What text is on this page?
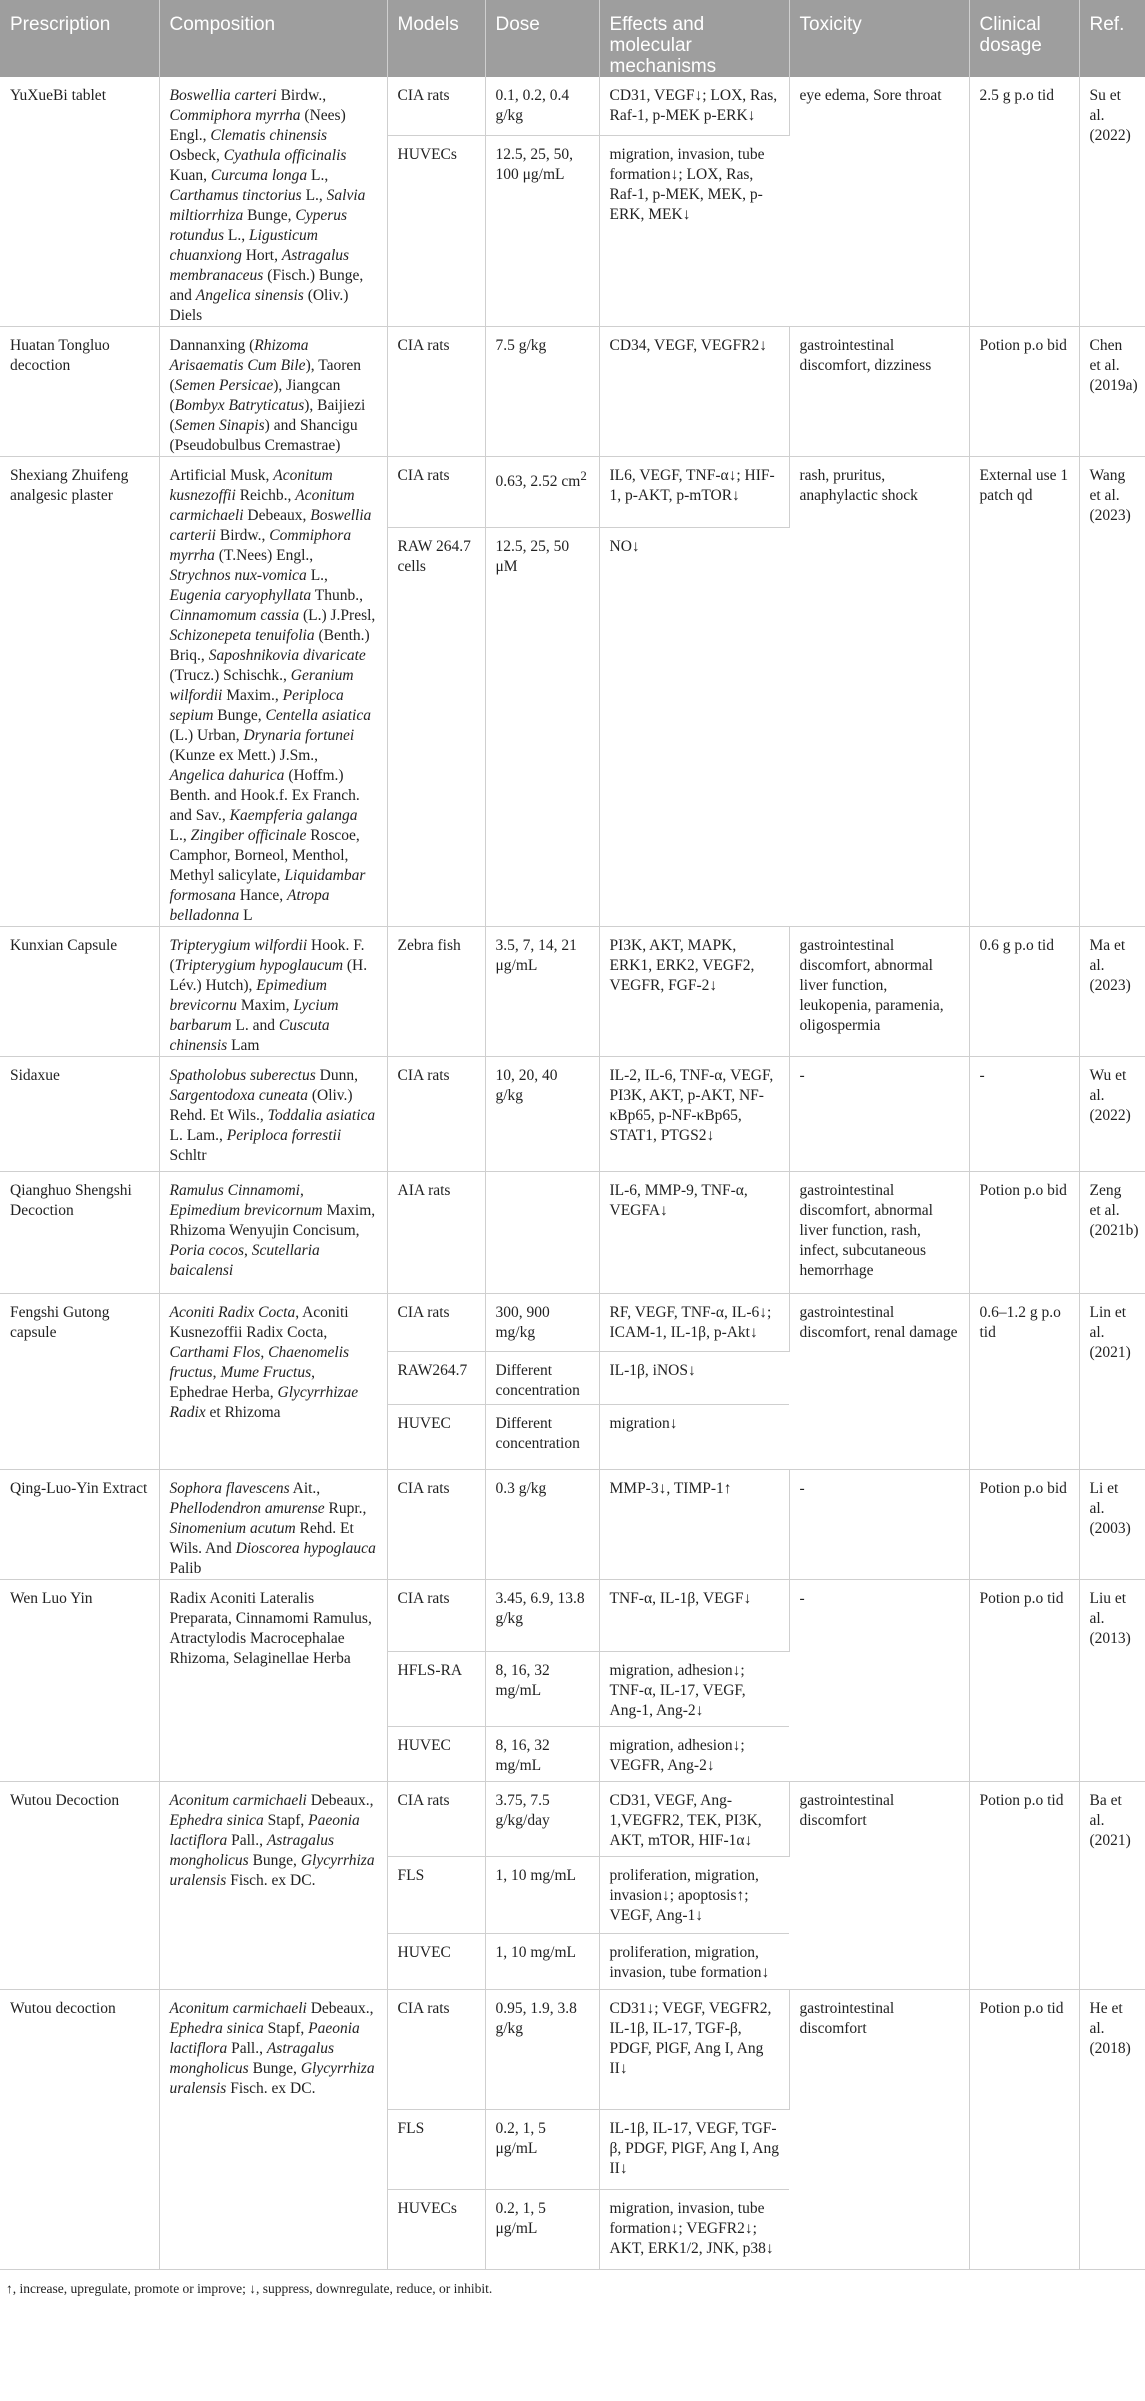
Prescription	Composition	Models	Dose	Effects and molecular mechanisms	Toxicity	Clinical dosage	Ref.
YuXueBi tablet	Boswellia carteri Birdw., Commiphora myrrha (Nees) Engl., Clematis chinensis Osbeck, Cyathula officinalis Kuan, Curcuma longa L., Carthamus tinctorius L., Salvia miltiorrhiza Bunge, Cyperus rotundus L., Ligusticum chuanxiong Hort, Astragalus membranaceus (Fisch.) Bunge, and Angelica sinensis (Oliv.) Diels	CIA rats	0.1, 0.2, 0.4 g/kg	CD31, VEGF↓; LOX, Ras, Raf-1, p-MEK p-ERK↓	eye edema, Sore throat	2.5 g p.o tid	Su et al. (2022)
		HUVECs	12.5, 25, 50, 100 μg/mL	migration, invasion, tube formation↓; LOX, Ras, Raf-1, p-MEK, MEK, p-ERK, MEK↓			
Huatan Tongluo decoction	Dannanxing (Rhizoma Arisaematis Cum Bile), Taoren (Semen Persicae), Jiangcan (Bombyx Batryticatus), Baijiezi (Semen Sinapis) and Shancigu (Pseudobulbus Cremastrae)	CIA rats	7.5 g/kg	CD34, VEGF, VEGFR2↓	gastrointestinal discomfort, dizziness	Potion p.o bid	Chen et al. (2019a)
Shexiang Zhuifeng analgesic plaster	Artificial Musk, Aconitum kusnezoffii Reichb., Aconitum carmichaeli Debeaux, Boswellia carterii Birdw., Commiphora myrrha (T.Nees) Engl., Strychnos nux-vomica L., Eugenia caryophyllata Thunb., Cinnamomum cassia (L.) J.Presl, Schizonepeta tenuifolia (Benth.) Briq., Saposhnikovia divaricate (Trucz.) Schischk., Geranium wilfordii Maxim., Periploca sepium Bunge, Centella asiatica (L.) Urban, Drynaria fortunei (Kunze ex Mett.) J.Sm., Angelica dahurica (Hoffm.) Benth. and Hook.f. Ex Franch. and Sav., Kaempferia galanga L., Zingiber officinale Roscoe, Camphor, Borneol, Menthol, Methyl salicylate, Liquidambar formosana Hance, Atropa belladonna L	CIA rats	0.63, 2.52 $cm^2$	IL6, VEGF, TNF-α↓; HIF-1, p-AKT, p-mTOR↓	rash, pruritus, anaphylactic shock	External use 1 patch qd	Wang et al. (2023)
		RAW 264.7 cells	12.5, 25, 50 μM	NO↓			
Kunxian Capsule	Tripterygium wilfordii Hook. F. (Tripterygium hypoglaucum (H. Lév.) Hutch), Epimedium brevicornu Maxim, Lycium barbarum L. and Cuscuta chinensis Lam	Zebra fish	3.5, 7, 14, 21 μg/mL	PI3K, AKT, MAPK, ERK1, ERK2, VEGF2, VEGFR, FGF-2↓	gastrointestinal discomfort, abnormal liver function, leukopenia, paramenia, oligospermia	0.6 g p.o tid	Ma et al. (2023)
Sidaxue	Spatholobus suberectus Dunn, Sargentodoxa cuneata (Oliv.) Rehd. Et Wils., Toddalia asiatica L. Lam., Periploca forrestii Schltr	CIA rats	10, 20, 40 g/kg	IL-2, IL-6, TNF-α, VEGF, PI3K, AKT, p-AKT, NF-κBp65, p-NF-κBp65, STAT1, PTGS2↓	-	-	Wu et al. (2022)
Qianghuo Shengshi Decoction	Ramulus Cinnamomi, Epimedium brevicornum Maxim, Rhizoma Wenyujin Concisum, Poria cocos, Scutellaria baicalensi	AIA rats		IL-6, MMP-9, TNF-α, VEGFA↓	gastrointestinal discomfort, abnormal liver function, rash, infect, subcutaneous hemorrhage	Potion p.o bid	Zeng et al. (2021b)
Fengshi Gutong capsule	Aconiti Radix Cocta, Aconiti Kusnezoffii Radix Cocta, Carthami Flos, Chaenomelis fructus, Mume Fructus, Ephedrae Herba, Glycyrrhizae Radix et Rhizoma	CIA rats	300, 900 mg/kg	RF, VEGF, TNF-α, IL-6↓; ICAM-1, IL-1β, p-Akt↓	gastrointestinal discomfort, renal damage	0.6–1.2 g p.o tid	Lin et al. (2021)
		RAW264.7	Different concentration	IL-1β, iNOS↓			
		HUVEC	Different concentration	migration↓			
Qing-Luo-Yin Extract	Sophora flavescens Ait., Phellodendron amurense Rupr., Sinomenium acutum Rehd. Et Wils. And Dioscorea hypoglauca Palib	CIA rats	0.3 g/kg	MMP-3↓, TIMP-1↑	-	Potion p.o bid	Li et al. (2003)
Wen Luo Yin	Radix Aconiti Lateralis Preparata, Cinnamomi Ramulus, Atractylodis Macrocephalae Rhizoma, Selaginellae Herba	CIA rats	3.45, 6.9, 13.8 g/kg	TNF-α, IL-1β, VEGF↓	-	Potion p.o tid	Liu et al. (2013)
		HFLS-RA	8, 16, 32 mg/mL	migration, adhesion↓; TNF-α, IL-17, VEGF, Ang-1, Ang-2↓			
		HUVEC	8, 16, 32 mg/mL	migration, adhesion↓; VEGFR, Ang-2↓			
Wutou Decoction	Aconitum carmichaeli Debeaux., Ephedra sinica Stapf, Paeonia lactiflora Pall., Astragalus mongholicus Bunge, Glycyrrhiza uralensis Fisch. ex DC.	CIA rats	3.75, 7.5 g/kg/day	CD31, VEGF, Ang-1,VEGFR2, TEK, PI3K, AKT, mTOR, HIF-1α↓	gastrointestinal discomfort	Potion p.o tid	Ba et al. (2021)
		FLS	1, 10 mg/mL	proliferation, migration, invasion↓; apoptosis↑; VEGF, Ang-1↓			
		HUVEC	1, 10 mg/mL	proliferation, migration, invasion, tube formation↓			
Wutou decoction	Aconitum carmichaeli Debeaux., Ephedra sinica Stapf, Paeonia lactiflora Pall., Astragalus mongholicus Bunge, Glycyrrhiza uralensis Fisch. ex DC.	CIA rats	0.95, 1.9, 3.8 g/kg	CD31↓; VEGF, VEGFR2, IL-1β, IL-17, TGF-β, PDGF, PlGF, Ang I, Ang II↓	gastrointestinal discomfort	Potion p.o tid	He et al. (2018)
		FLS	0.2, 1, 5 μg/mL	IL-1β, IL-17, VEGF, TGF-β, PDGF, PlGF, Ang I, Ang II↓			
		HUVECs	0.2, 1, 5 μg/mL	migration, invasion, tube formation↓; VEGFR2↓; AKT, ERK1/2, JNK, p38↓			
↑, increase, upregulate, promote or improve; ↓, suppress, downregulate, reduce, or inhibit.
